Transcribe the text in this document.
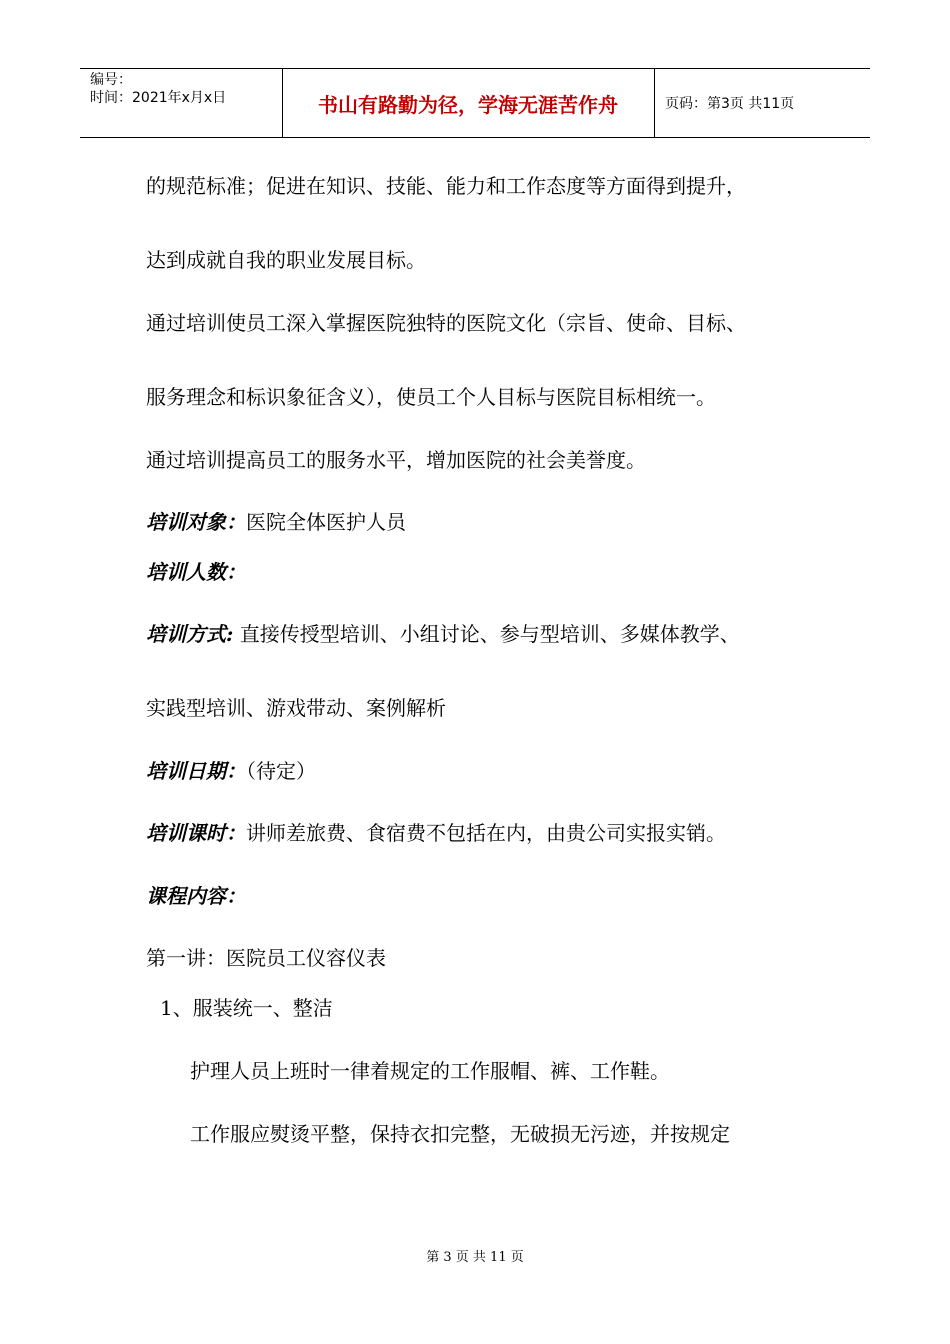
编号：
时间：2021年x月x日	书山有路勤为径，学海无涯苦作舟	页码：第3页 共11页
的规范标准；促进在知识、技能、能力和工作态度等方面得到提升，
达到成就自我的职业发展目标。
通过培训使员工深入掌握医院独特的医院文化（宗旨、使命、目标、
服务理念和标识象征含义），使员工个人目标与医院目标相统一。
通过培训提高员工的服务水平，增加医院的社会美誉度。
培训对象：医院全体医护人员
培训人数：
培训方式: 直接传授型培训、小组讨论、参与型培训、多媒体教学、
实践型培训、游戏带动、案例解析
培训日期：（待定）
培训课时：讲师差旅费、食宿费不包括在内，由贵公司实报实销。
课程内容：
第一讲：医院员工仪容仪表
1、服装统一、整洁
护理人员上班时一律着规定的工作服帽、裤、工作鞋。
工作服应熨烫平整，保持衣扣完整，无破损无污迹，并按规定
第 3 页 共 11 页
